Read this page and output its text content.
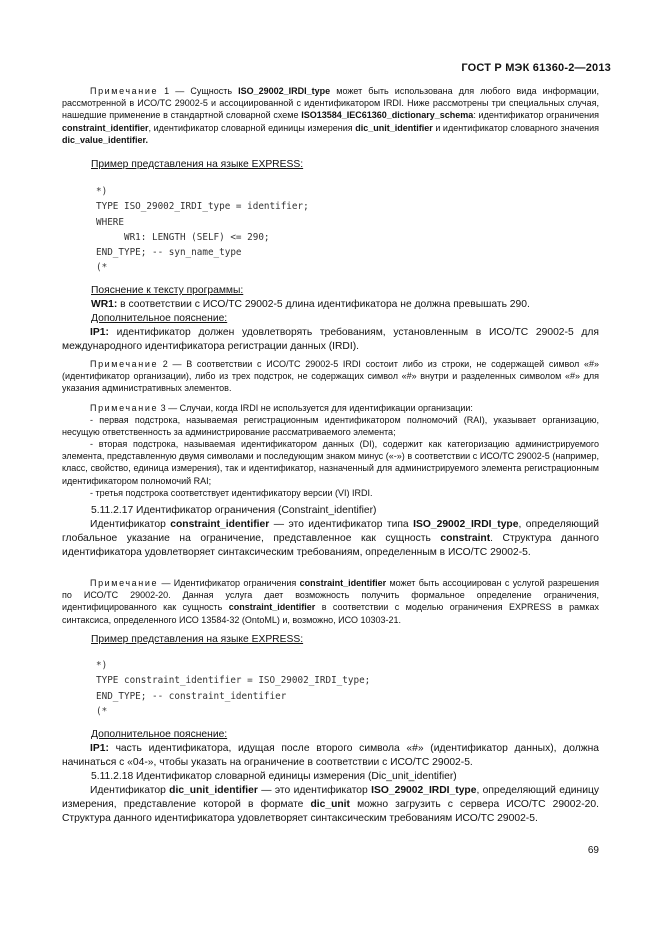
ГОСТ Р МЭК 61360-2—2013
Примечание 1 — Сущность ISO_29002_IRDI_type может быть использована для любого вида информации, рассмотренной в ИСО/ТС 29002-5 и ассоциированной с идентификатором IRDI. Ниже рассмотрены три специальных случая, нашедшие применение в стандартной словарной схеме ISO13584_IEC61360_dictionary_schema: идентификатор ограничения constraint_identifier, идентификатор словарной единицы измерения dic_unit_identifier и идентификатор словарного значения dic_value_identifier.
Пример представления на языке EXPRESS:
*)
TYPE ISO_29002_IRDI_type = identifier;
WHERE
WR1: LENGTH (SELF) <= 290;
END_TYPE; -- syn_name_type
(*
Пояснение к тексту программы:
WR1: в соответствии с ИСО/ТС 29002-5 длина идентификатора не должна превышать 290.
Дополнительное пояснение:
IP1: идентификатор должен удовлетворять требованиям, установленным в ИСО/ТС 29002-5 для международного идентификатора регистрации данных (IRDI).
Примечание 2 — В соответствии с ИСО/ТС 29002-5 IRDI состоит либо из строки, не содержащей символ «#» (идентификатор организации), либо из трех подстрок, не содержащих символ «#» внутри и разделенных символом «#» для указания административных элементов.
Примечание 3 — Случаи, когда IRDI не используется для идентификации организации:
- первая подстрока, называемая регистрационным идентификатором полномочий (RAI), указывает организацию, несущую ответственность за администрирование рассматриваемого элемента;
- вторая подстрока, называемая идентификатором данных (DI), содержит как категоризацию администрируемого элемента, представленную двумя символами и последующим знаком минус («-») в соответствии с ИСО/ТС 29002-5 (например, класс, свойство, единица измерения), так и идентификатор, назначенный для администрируемого элемента регистрационным идентификатором полномочий RAI;
- третья подстрока соответствует идентификатору версии (VI) IRDI.
5.11.2.17 Идентификатор ограничения (Constraint_identifier)
Идентификатор constraint_identifier — это идентификатор типа ISO_29002_IRDI_type, определяющий глобальное указание на ограничение, представленное как сущность constraint. Структура данного идентификатора удовлетворяет синтаксическим требованиям, определенным в ИСО/ТС 29002-5.
Примечание — Идентификатор ограничения constraint_identifier может быть ассоциирован с услугой разрешения по ИСО/ТС 29002-20. Данная услуга дает возможность получить формальное определение ограничения, идентифицированного как сущность constraint_identifier в соответствии с моделью ограничения EXPRESS в рамках синтаксиса, определенного ИСО 13584-32 (OntoML) и, возможно, ИСО 10303-21.
Пример представления на языке EXPRESS:
*)
TYPE constraint_identifier = ISO_29002_IRDI_type;
END_TYPE; -- constraint_identifier
(*
Дополнительное пояснение:
IP1: часть идентификатора, идущая после второго символа «#» (идентификатор данных), должна начинаться с «04-», чтобы указать на ограничение в соответствии с ИСО/ТС 29002-5.
5.11.2.18 Идентификатор словарной единицы измерения (Dic_unit_identifier)
Идентификатор dic_unit_identifier — это идентификатор ISO_29002_IRDI_type, определяющий единицу измерения, представление которой в формате dic_unit можно загрузить с сервера ИСО/ТС 29002-20. Структура данного идентификатора удовлетворяет синтаксическим требованиям ИСО/ТС 29002-5.
69
